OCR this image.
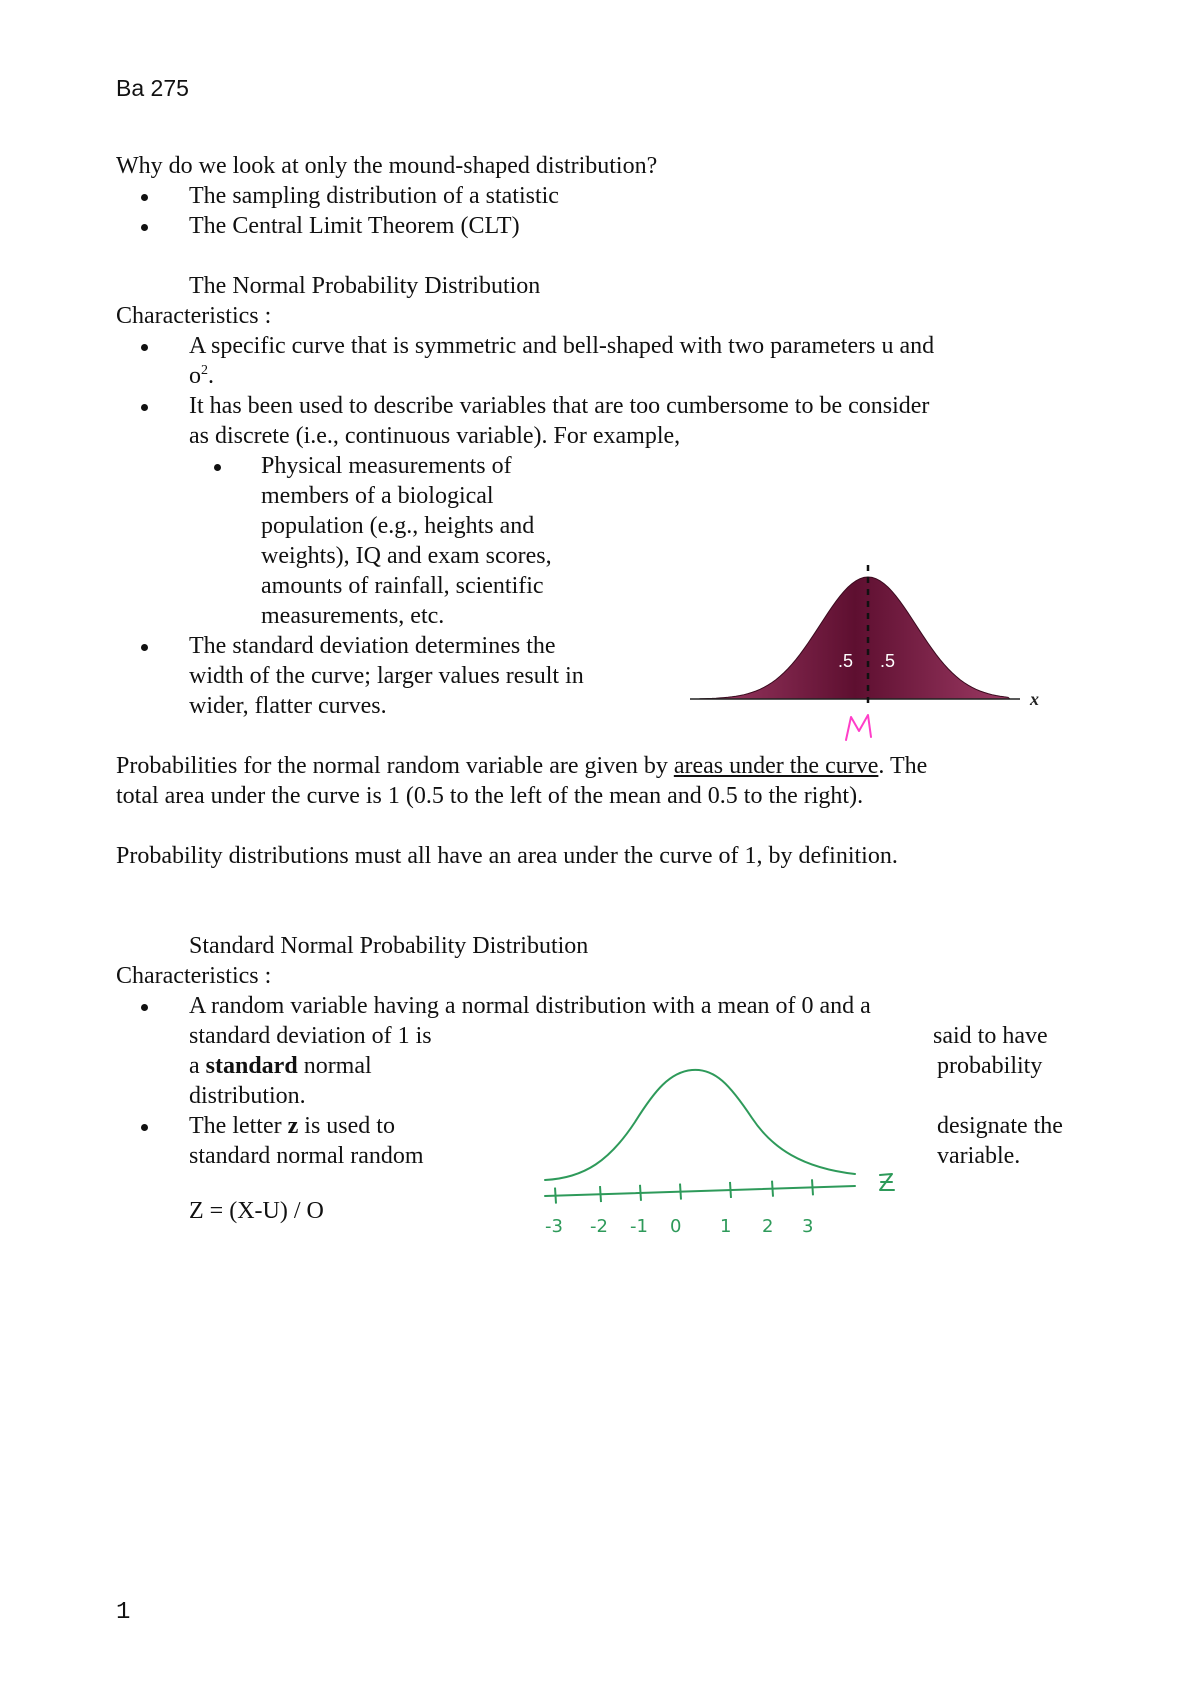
Ba 275
Why do we look at only the mound-shaped distribution?
The sampling distribution of a statistic
The Central Limit Theorem (CLT)
The Normal Probability Distribution
Characteristics :
A specific curve that is symmetric and bell-shaped with two parameters u and
$o^2$.
It has been used to describe variables that are too cumbersome to be consider
as discrete (i.e., continuous variable). For example,
Physical measurements of
members of a biological
population (e.g., heights and
weights), IQ and exam scores,
amounts of rainfall, scientific
measurements, etc.
The standard deviation determines the
width of the curve; larger values result in
wider, flatter curves.
.5 .5
x
Probabilities for the normal random variable are given by areas under the curve. The
total area under the curve is 1 (0.5 to the left of the mean and 0.5 to the right).
Probability distributions must all have an area under the curve of 1, by definition.
Standard Normal Probability Distribution
Characteristics :
A random variable having a normal distribution with a mean of 0 and a
standard deviation of 1 is	said to have
a standard normal	probability
distribution.
The letter z is used to	designate the
standard normal random	variable.
Z = (X-U) / O
-3 -2 -1 0 1 2 3
1
